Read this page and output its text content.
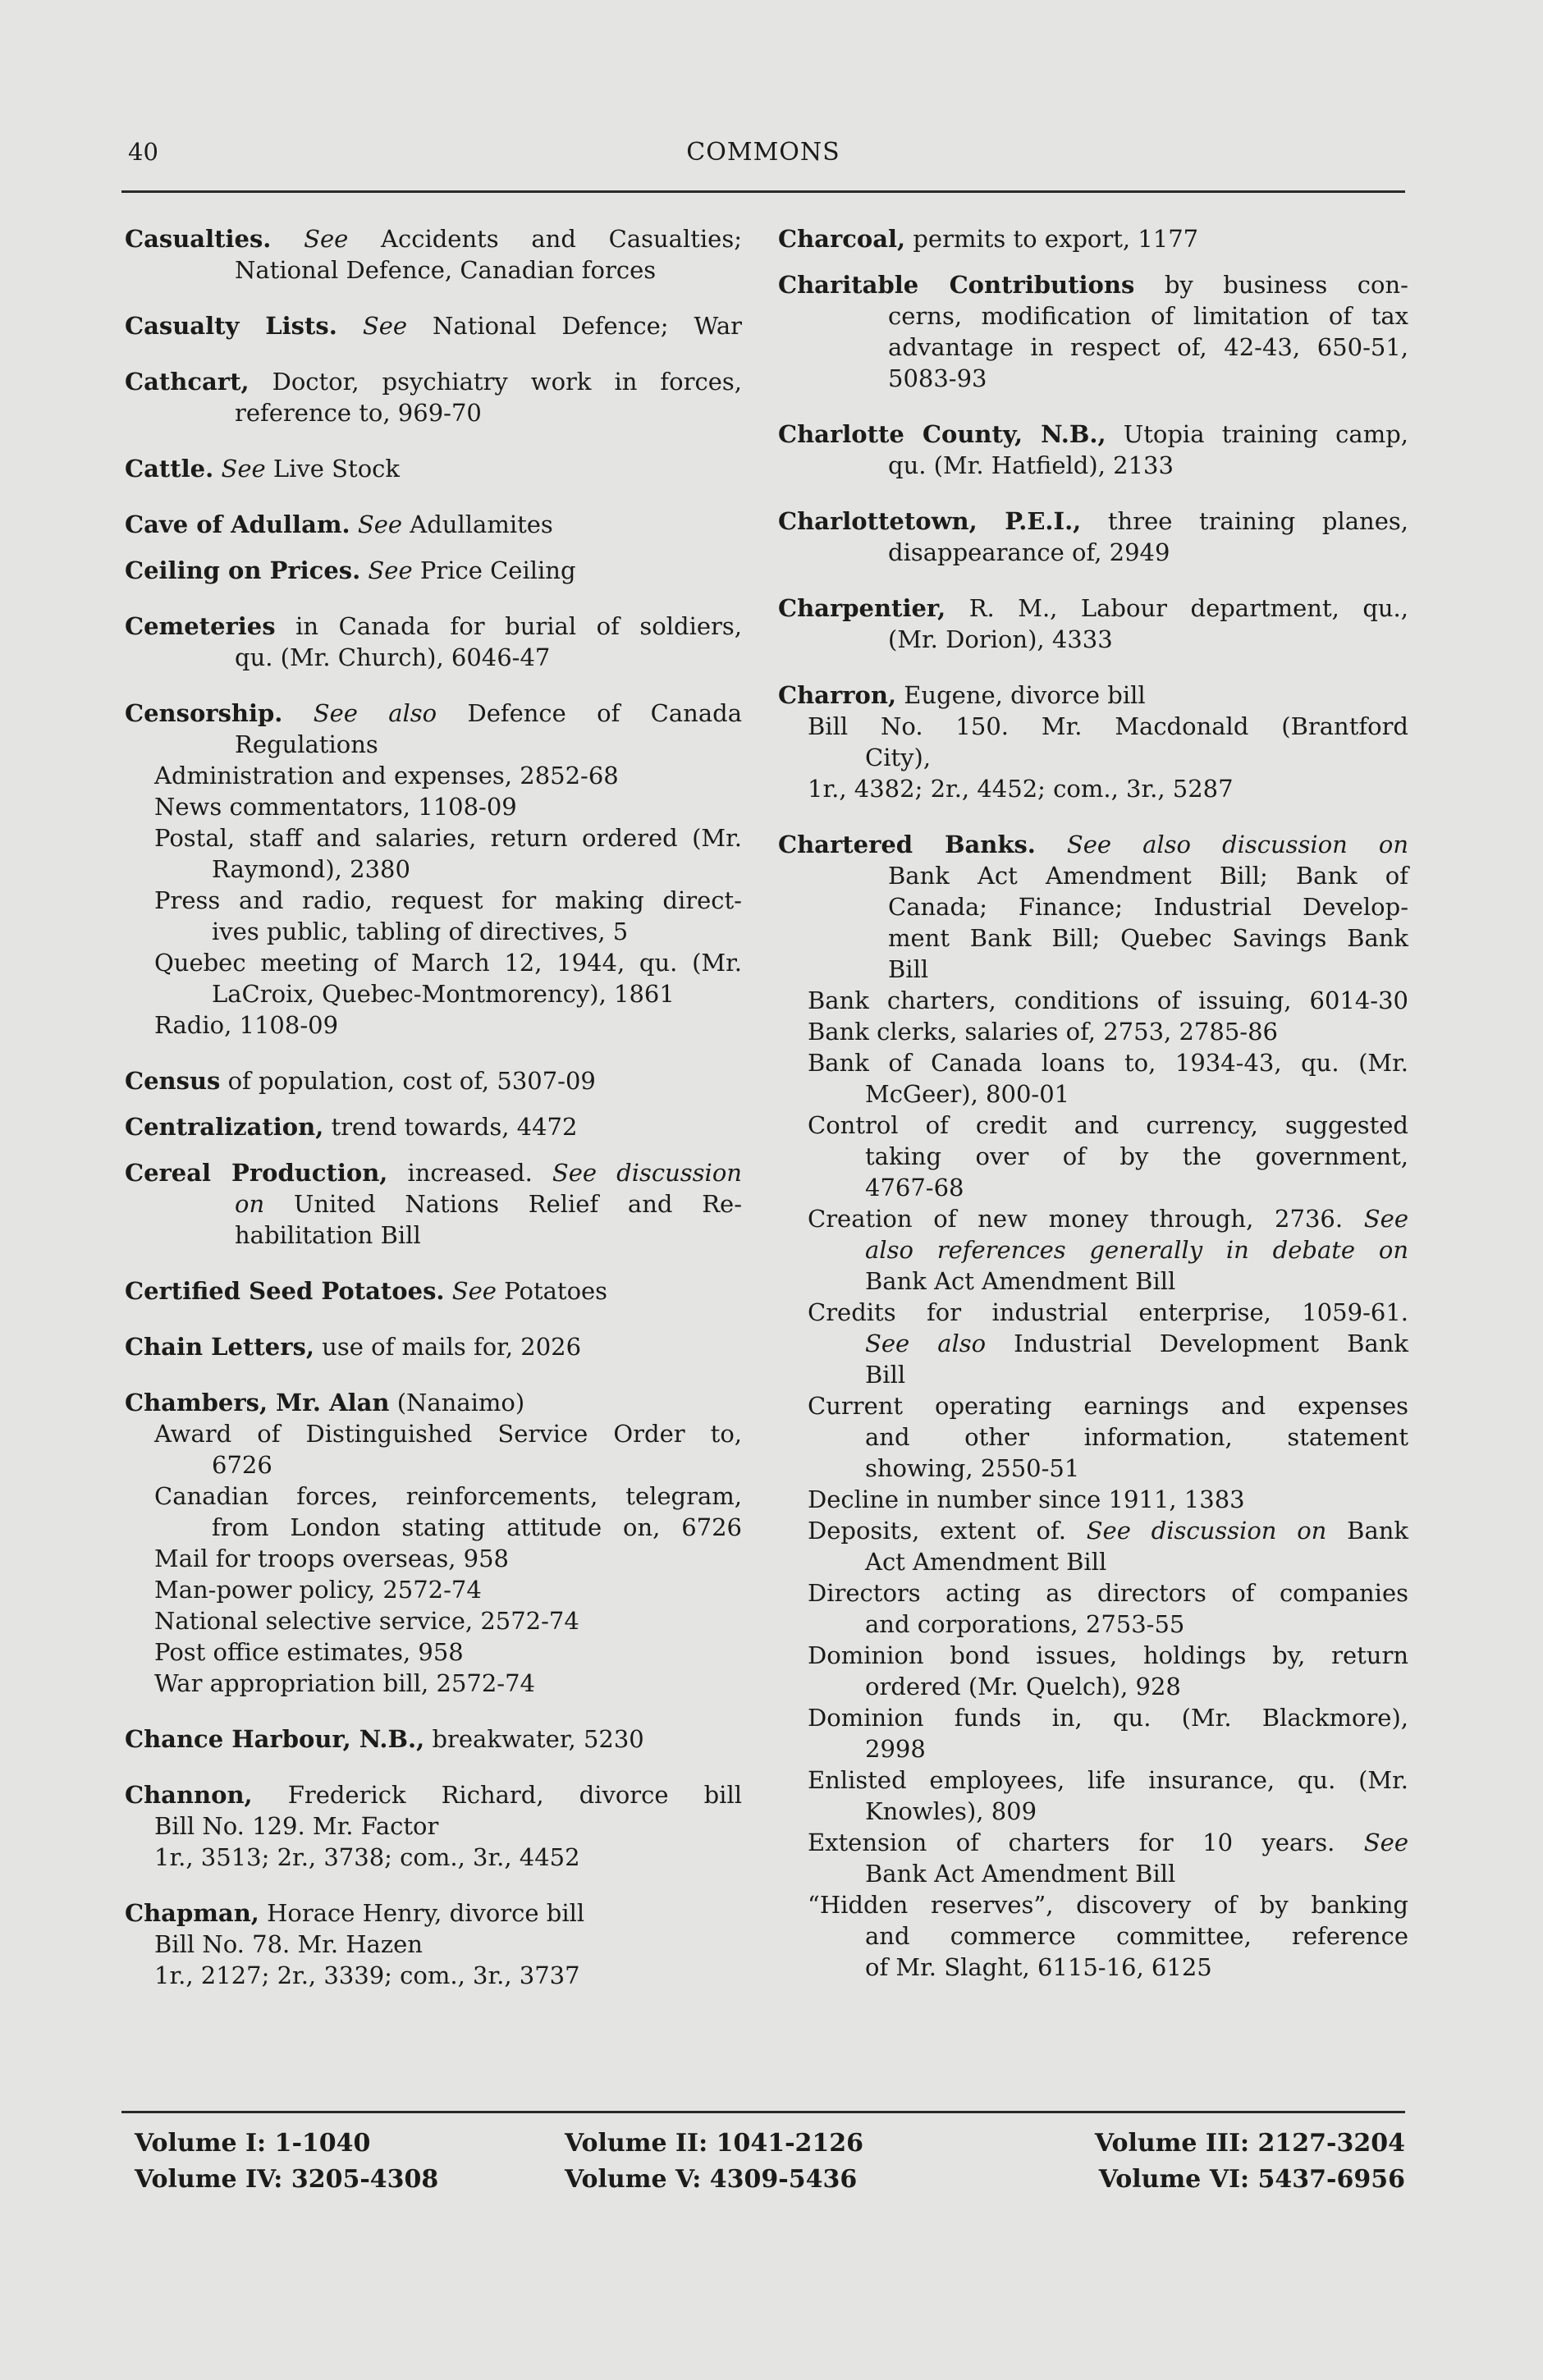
40	COMMONS
Casualties. See Accidents and Casualties;
National Defence, Canadian forces
Casualty Lists. See National Defence; War
Cathcart, Doctor, psychiatry work in forces,
reference to, 969-70
Cattle. See Live Stock
Cave of Adullam. See Adullamites
Ceiling on Prices. See Price Ceiling
Cemeteries in Canada for burial of soldiers,
qu. (Mr. Church), 6046-47
Censorship. See also Defence of Canada
Regulations
Administration and expenses, 2852-68
News commentators, 1108-09
Postal, staff and salaries, return ordered (Mr.
Raymond), 2380
Press and radio, request for making direct-
ives public, tabling of directives, 5
Quebec meeting of March 12, 1944, qu. (Mr.
LaCroix, Quebec-Montmorency), 1861
Radio, 1108-09
Census of population, cost of, 5307-09
Centralization, trend towards, 4472
Cereal Production, increased. See discussion
on United Nations Relief and Re-
habilitation Bill
Certified Seed Potatoes. See Potatoes
Chain Letters, use of mails for, 2026
Chambers, Mr. Alan (Nanaimo)
Award of Distinguished Service Order to,
6726
Canadian forces, reinforcements, telegram,
from London stating attitude on, 6726
Mail for troops overseas, 958
Man-power policy, 2572-74
National selective service, 2572-74
Post office estimates, 958
War appropriation bill, 2572-74
Chance Harbour, N.B., breakwater, 5230
Channon, Frederick Richard, divorce bill
Bill No. 129. Mr. Factor
1r., 3513; 2r., 3738; com., 3r., 4452
Chapman, Horace Henry, divorce bill
Bill No. 78. Mr. Hazen
1r., 2127; 2r., 3339; com., 3r., 3737
Charcoal, permits to export, 1177
Charitable Contributions by business con-
cerns, modification of limitation of tax
advantage in respect of, 42-43, 650-51,
5083-93
Charlotte County, N.B., Utopia training camp,
qu. (Mr. Hatfield), 2133
Charlottetown, P.E.I., three training planes,
disappearance of, 2949
Charpentier, R. M., Labour department, qu.,
(Mr. Dorion), 4333
Charron, Eugene, divorce bill
Bill No. 150. Mr. Macdonald (Brantford
City),
1r., 4382; 2r., 4452; com., 3r., 5287
Chartered Banks. See also discussion on
Bank Act Amendment Bill; Bank of
Canada; Finance; Industrial Develop-
ment Bank Bill; Quebec Savings Bank
Bill
Bank charters, conditions of issuing, 6014-30
Bank clerks, salaries of, 2753, 2785-86
Bank of Canada loans to, 1934-43, qu. (Mr.
McGeer), 800-01
Control of credit and currency, suggested
taking over of by the government,
4767-68
Creation of new money through, 2736. See
also references generally in debate on
Bank Act Amendment Bill
Credits for industrial enterprise, 1059-61.
See also Industrial Development Bank
Bill
Current operating earnings and expenses
and other information, statement
showing, 2550-51
Decline in number since 1911, 1383
Deposits, extent of. See discussion on Bank
Act Amendment Bill
Directors acting as directors of companies
and corporations, 2753-55
Dominion bond issues, holdings by, return
ordered (Mr. Quelch), 928
Dominion funds in, qu. (Mr. Blackmore),
2998
Enlisted employees, life insurance, qu. (Mr.
Knowles), 809
Extension of charters for 10 years. See
Bank Act Amendment Bill
“Hidden reserves”, discovery of by banking
and commerce committee, reference
of Mr. Slaght, 6115-16, 6125
Volume I: 1-1040
Volume IV: 3205-4308
Volume II: 1041-2126
Volume V: 4309-5436
Volume III: 2127-3204
Volume VI: 5437-6956
